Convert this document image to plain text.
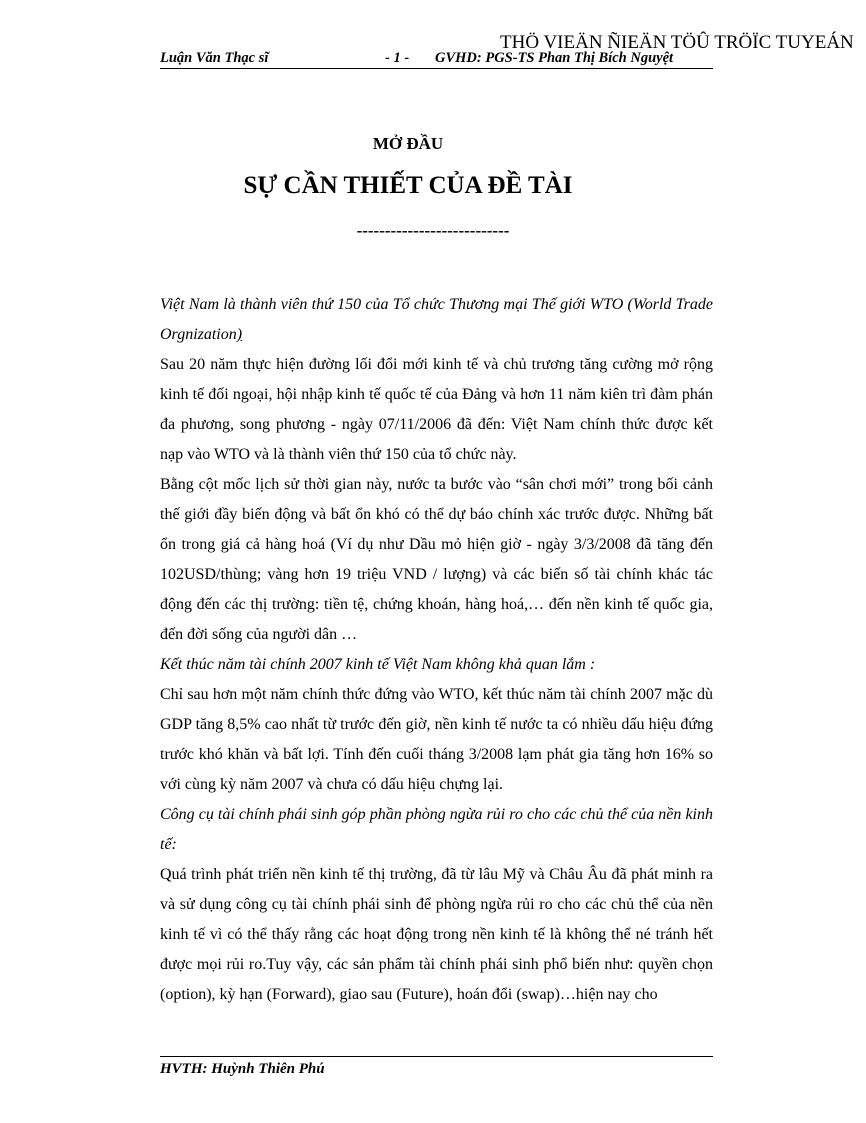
THÖ VIEÄN ÑIEÄN TÖÛ TRÖÏC TUYEÁN
Luận Văn Thạc sĩ	- 1 - GVHD: PGS-TS Phan Thị Bích Nguyệt
MỞ ĐẦU
SỰ CẦN THIẾT CỦA ĐỀ TÀI
---------------------------

Việt Nam là thành viên thứ 150 của Tổ chức Thương mại Thế giới WTO (World Trade Orgnization)

Sau 20 năm thực hiện đường lối đổi mới kinh tế và chủ trương tăng cường mở rộng kinh tế đối ngoại, hội nhập kinh tế quốc tế của Đảng và hơn 11 năm kiên trì đàm phán đa phương, song phương - ngày 07/11/2006 đã đến: Việt Nam chính thức được kết nạp vào WTO và là thành viên thứ 150 của tổ chức này.

Bằng cột mốc lịch sử thời gian này, nước ta bước vào “sân chơi mới” trong bối cảnh thế giới đầy biến động và bất ổn khó có thể dự báo chính xác trước được. Những bất ổn trong giá cả hàng hoá (Ví dụ như Dầu mỏ hiện giờ - ngày 3/3/2008 đã tăng đến 102USD/thùng; vàng hơn 19 triệu VND / lượng) và các biến số tài chính khác tác động đến các thị trường: tiền tệ, chứng khoán, hàng hoá,… đến nền kinh tế quốc gia, đến đời sống của người dân …

Kết thúc năm tài chính 2007 kinh tế Việt Nam không khả quan lắm :

Chỉ sau hơn một năm chính thức đứng vào WTO, kết thúc năm tài chính 2007 mặc dù GDP tăng 8,5% cao nhất từ trước đến giờ, nền kinh tế nước ta có nhiều dấu hiệu đứng trước khó khăn và bất lợi. Tính đến cuối tháng 3/2008 lạm phát gia tăng hơn 16% so với cùng kỳ năm 2007 và chưa có dấu hiệu chựng lại.

Công cụ tài chính phái sinh góp phần phòng ngừa rủi ro cho các chủ thể của nền kinh tế:

Quá trình phát triển nền kinh tế thị trường, đã từ lâu Mỹ và Châu Âu đã phát minh ra và sử dụng công cụ tài chính phái sinh để phòng ngừa rủi ro cho các chủ thể của nền kinh tế vì có thể thấy rằng các hoạt động trong nền kinh tế là không thể né tránh hết được mọi rủi ro.Tuy vậy, các sản phẩm tài chính phái sinh phổ biến như: quyền chọn (option), kỳ hạn (Forward), giao sau (Future), hoán đổi (swap)…hiện nay cho

HVTH: Huỳnh Thiên Phú
